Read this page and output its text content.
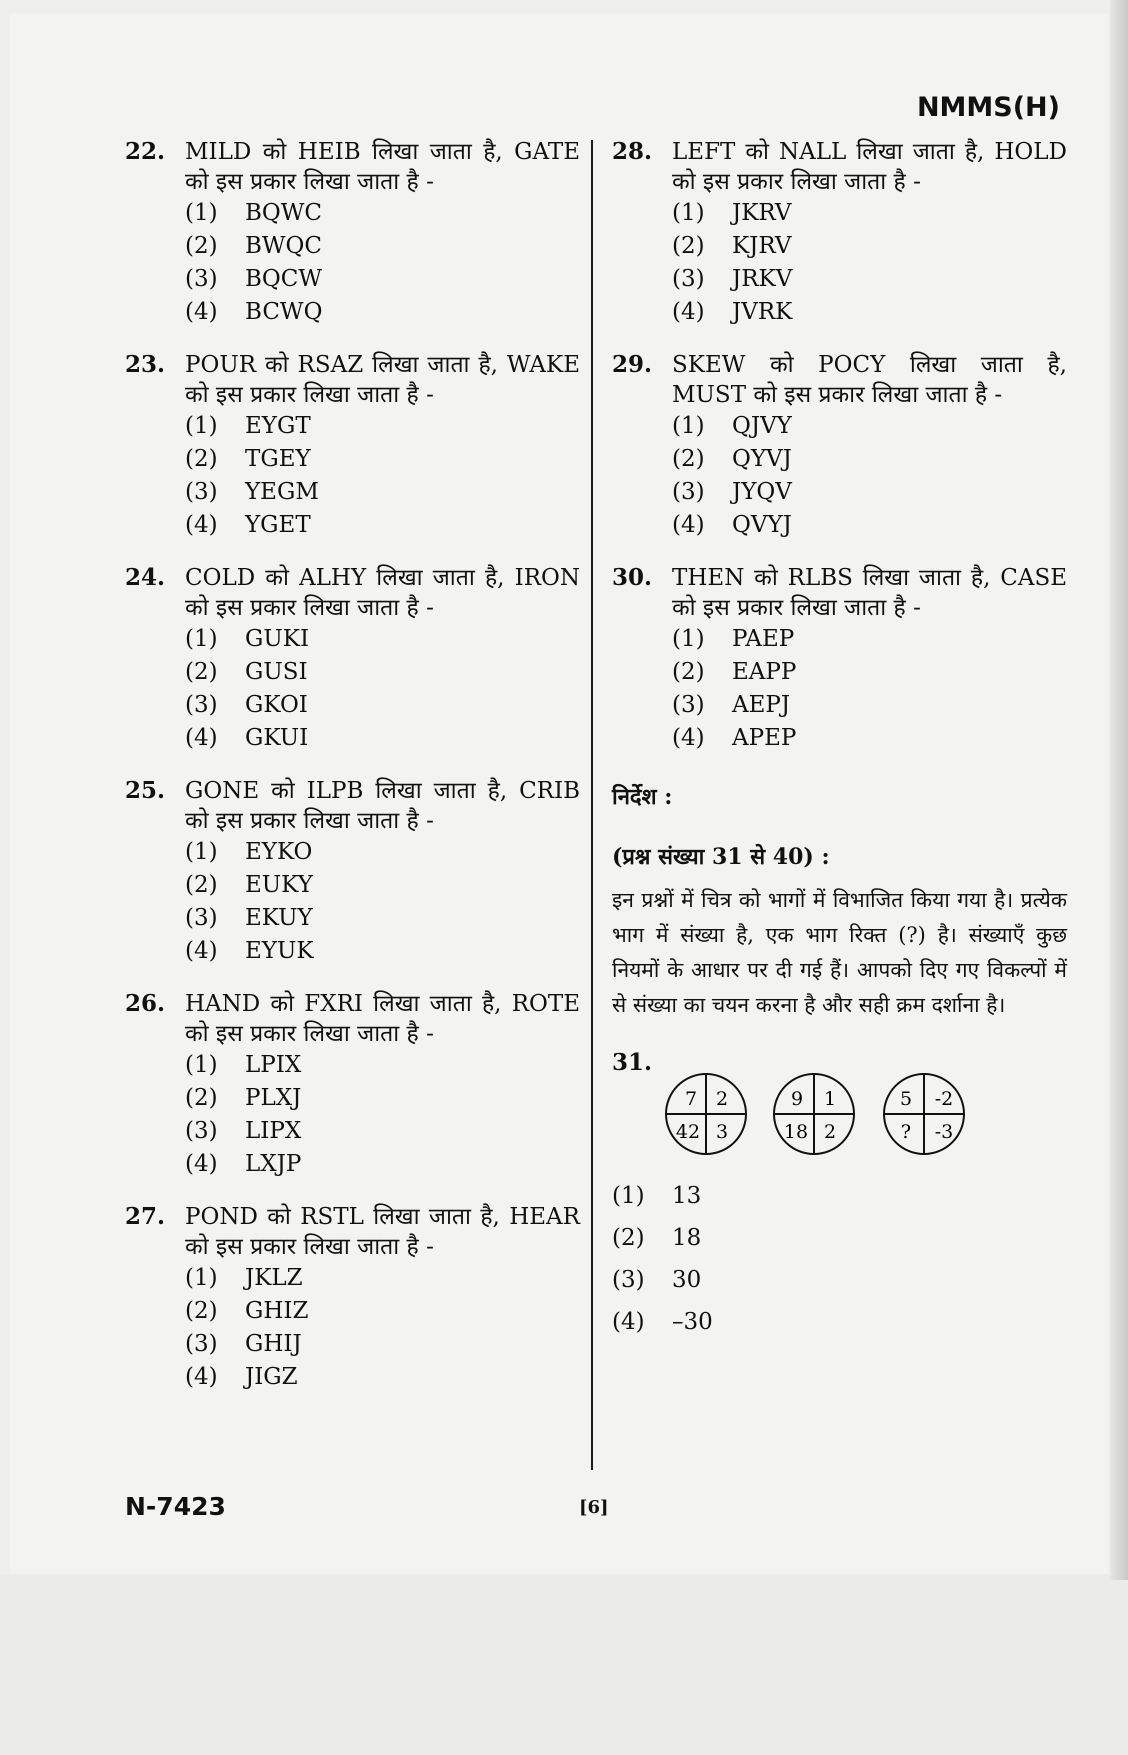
NMMS(H)
22. MILD को HEIB लिखा जाता है, GATE
को इस प्रकार लिखा जाता है -
(1)	BQWC
(2)	BWQC
(3)	BQCW
(4)	BCWQ
23. POUR को RSAZ लिखा जाता है, WAKE
को इस प्रकार लिखा जाता है -
(1)	EYGT
(2)	TGEY
(3)	YEGM
(4)	YGET
24. COLD को ALHY लिखा जाता है, IRON
को इस प्रकार लिखा जाता है -
(1)	GUKI
(2)	GUSI
(3)	GKOI
(4)	GKUI
25. GONE को ILPB लिखा जाता है, CRIB
को इस प्रकार लिखा जाता है -
(1)	EYKO
(2)	EUKY
(3)	EKUY
(4)	EYUK
26. HAND को FXRI लिखा जाता है, ROTE
को इस प्रकार लिखा जाता है -
(1)	LPIX
(2)	PLXJ
(3)	LIPX
(4)	LXJP
27. POND को RSTL लिखा जाता है, HEAR
को इस प्रकार लिखा जाता है -
(1)	JKLZ
(2)	GHIZ
(3)	GHIJ
(4)	JIGZ
28. LEFT को NALL लिखा जाता है, HOLD
को इस प्रकार लिखा जाता है -
(1)	JKRV
(2)	KJRV
(3)	JRKV
(4)	JVRK
29. SKEW को POCY लिखा जाता है,
MUST को इस प्रकार लिखा जाता है -
(1)	QJVY
(2)	QYVJ
(3)	JYQV
(4)	QVYJ
30. THEN को RLBS लिखा जाता है, CASE
को इस प्रकार लिखा जाता है -
(1)	PAEP
(2)	EAPP
(3)	AEPJ
(4)	APEP
निर्देश :
(प्रश्न संख्या 31 से 40) :

इन प्रश्नों में चित्र को भागों में विभाजित किया गया है। प्रत्येक भाग में संख्या है, एक भाग रिक्त (?) है। संख्याएँ कुछ नियमों के आधार पर दी गई हैं। आपको दिए गए विकल्पों में से संख्या का चयन करना है और सही क्रम दर्शाना है।

31.
7 2
42 3
9 1
18 2
5 -2
? -3
(1)	13
(2)	18
(3)	30
(4)	–30
N-7423	[6]
